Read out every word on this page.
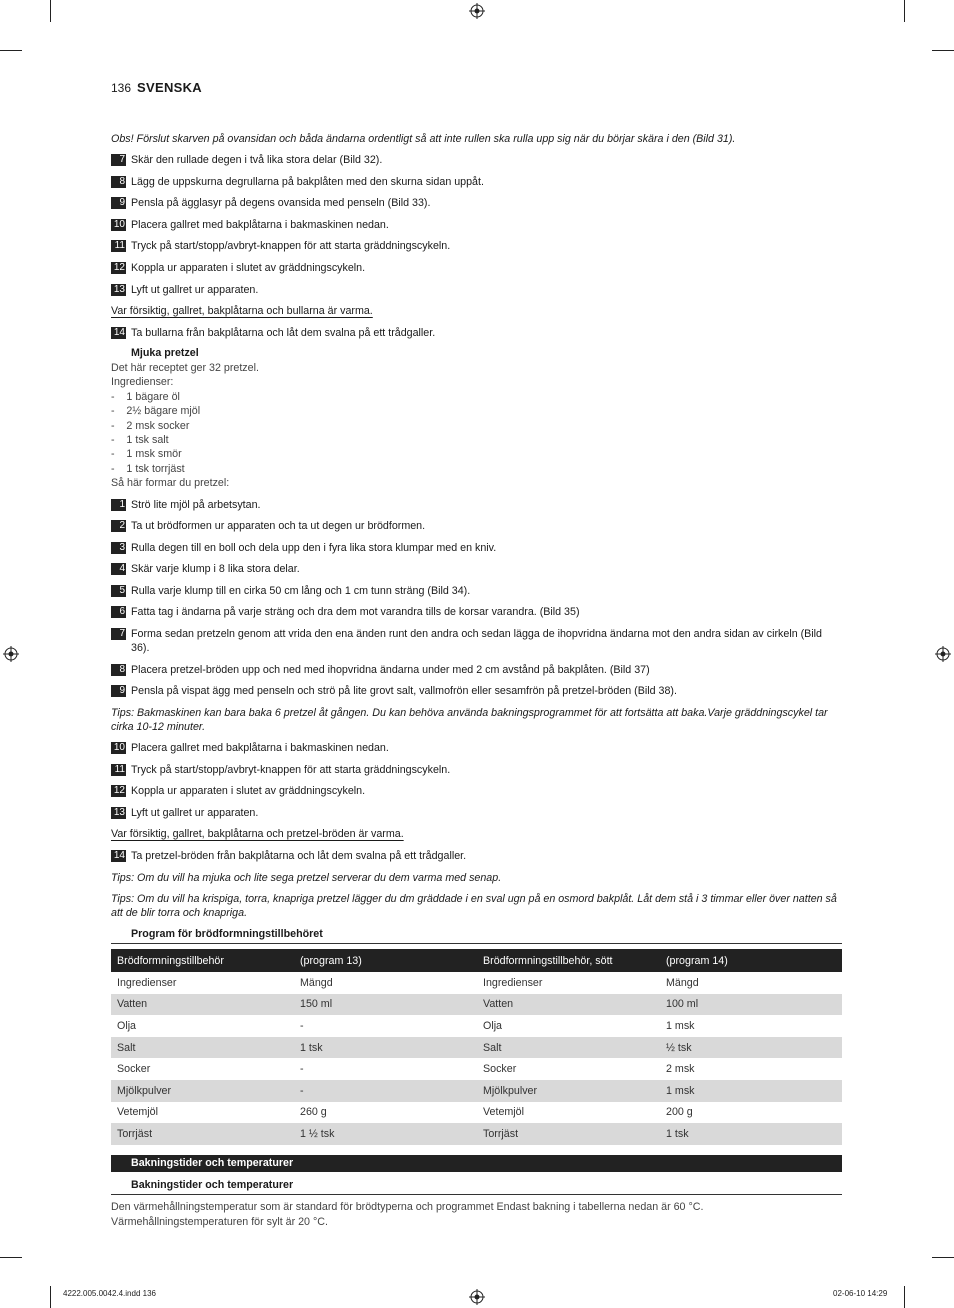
136 SVENSKA
Obs! Förslut skarven på ovansidan och båda ändarna ordentligt så att inte rullen ska rulla upp sig när du börjar skära i den (Bild 31).
7 Skär den rullade degen i två lika stora delar (Bild 32).
8 Lägg de uppskurna degrullarna på bakplåten med den skurna sidan uppåt.
9 Pensla på ägglasyr på degens ovansida med penseln (Bild 33).
10 Placera gallret med bakplåtarna i bakmaskinen nedan.
11 Tryck på start/stopp/avbryt-knappen för att starta gräddningscykeln.
12 Koppla ur apparaten i slutet av gräddningscykeln.
13 Lyft ut gallret ur apparaten.
Var försiktig, gallret, bakplåtarna och bullarna är varma.
14 Ta bullarna från bakplåtarna och låt dem svalna på ett trådgaller.
Mjuka pretzel
Det här receptet ger 32 pretzel.
Ingredienser:
-    1 bägare öl
-    2½ bägare mjöl
-    2 msk socker
-    1 tsk salt
-    1 msk smör
-    1 tsk torrjäst
Så här formar du pretzel:
1 Strö lite mjöl på arbetsytan.
2 Ta ut brödformen ur apparaten och ta ut degen ur brödformen.
3 Rulla degen till en boll och dela upp den i fyra lika stora klumpar med en kniv.
4 Skär varje klump i 8 lika stora delar.
5 Rulla varje klump till en cirka 50 cm lång och 1 cm tunn sträng (Bild 34).
6 Fatta tag i ändarna på varje sträng och dra dem mot varandra tills de korsar varandra. (Bild 35)
7 Forma sedan pretzeln genom att vrida den ena änden runt den andra och sedan lägga de ihopvridna ändarna mot den andra sidan av cirkeln (Bild 36).
8 Placera pretzel-bröden upp och ned med ihopvridna ändarna under med 2 cm avstånd på bakplåten. (Bild 37)
9 Pensla på vispat ägg med penseln och strö på lite grovt salt, vallmofrön eller sesamfrön på pretzel-bröden (Bild 38).
Tips: Bakmaskinen kan bara baka 6 pretzel åt gången. Du kan behöva använda bakningsprogrammet för att fortsätta att baka.Varje gräddningscykel tar cirka 10-12 minuter.
10 Placera gallret med bakplåtarna i bakmaskinen nedan.
11 Tryck på start/stopp/avbryt-knappen för att starta gräddningscykeln.
12 Koppla ur apparaten i slutet av gräddningscykeln.
13 Lyft ut gallret ur apparaten.
Var försiktig, gallret, bakplåtarna och pretzel-bröden är varma.
14 Ta pretzel-bröden från bakplåtarna och låt dem svalna på ett trådgaller.
Tips: Om du vill ha mjuka och lite sega pretzel serverar du dem varma med senap.
Tips: Om du vill ha krispiga, torra, knapriga pretzel lägger du dm gräddade i en sval ugn på en osmord bakplåt. Låt dem stå i 3 timmar eller över natten så att de blir torra och knapriga.
Program för brödformningstillbehöret
Brödformningstillbehör	(program 13)	Brödformningstillbehör, sött	(program 14)
Ingredienser	Mängd	Ingredienser	Mängd
Vatten	150 ml	Vatten	100 ml
Olja	-	Olja	1 msk
Salt	1 tsk	Salt	½ tsk
Socker	-	Socker	2 msk
Mjölkpulver	-	Mjölkpulver	1 msk
Vetemjöl	260 g	Vetemjöl	200 g
Torrjäst	1 ½ tsk	Torrjäst	1 tsk
Bakningstider och temperaturer
Bakningstider och temperaturer
Den värmehållningstemperatur som är standard för brödtyperna och programmet Endast bakning i tabellerna nedan är 60 °C.
Värmehållningstemperaturen för sylt är 20 °C.
4222.005.0042.4.indd 136	02-06-10 14:29
